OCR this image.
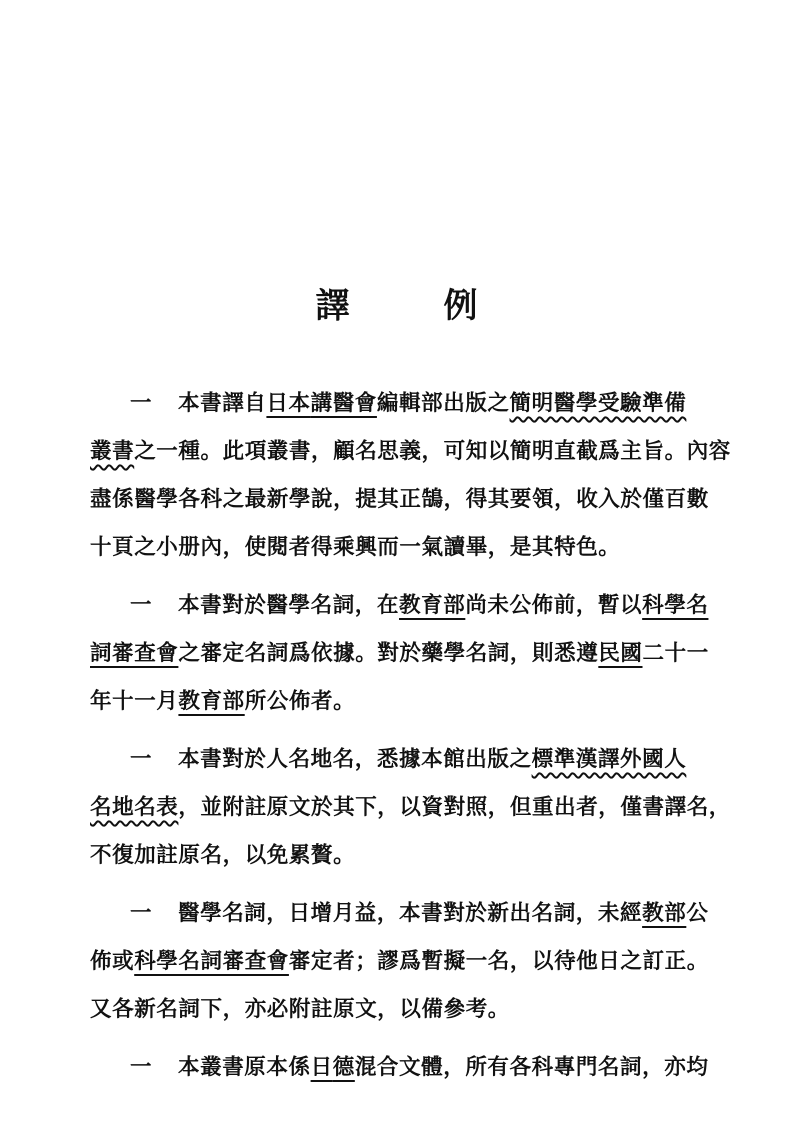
譯　例
一 本書譯自日本講醫會編輯部出版之簡明醫學受驗準備
叢書之一種。此項叢書，顧名思義，可知以簡明直截爲主旨。內容
盡係醫學各科之最新學說，提其正鵠，得其要領，收入於僅百數
十頁之小册內，使閱者得乘興而一氣讀畢，是其特色。
一 本書對於醫學名詞，在教育部尚未公佈前，暫以科學名
詞審查會之審定名詞爲依據。對於藥學名詞，則悉遵民國二十一
年十一月教育部所公佈者。
一 本書對於人名地名，悉據本館出版之標準漢譯外國人
名地名表，並附註原文於其下，以資對照，但重出者，僅書譯名，
不復加註原名，以免累贅。
一 醫學名詞，日增月益，本書對於新出名詞，未經教部公
佈或科學名詞審查會審定者；謬爲暫擬一名，以待他日之訂正。
又各新名詞下，亦必附註原文，以備參考。
一 本叢書原本係日德混合文體，所有各科專門名詞，亦均
